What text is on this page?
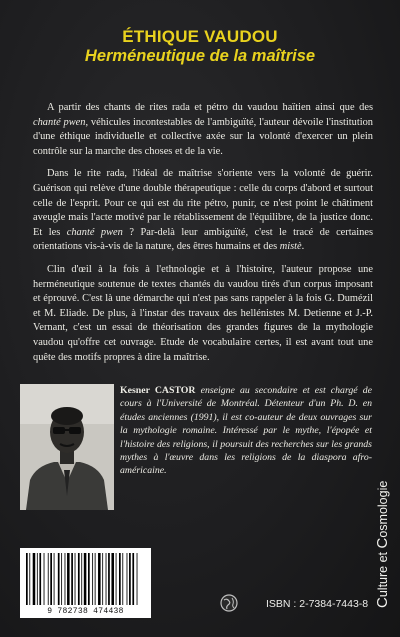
ÉTHIQUE VAUDOU
Herméneutique de la maîtrise

A partir des chants de rites rada et pétro du vaudou haïtien ainsi que des chanté pwen, véhicules incontestables de l'ambiguïté, l'auteur dévoile l'institution d'une éthique individuelle et collective axée sur la volonté d'exercer un plein contrôle sur la marche des choses et de la vie.

Dans le rite rada, l'idéal de maîtrise s'oriente vers la volonté de guérir. Guérison qui relève d'une double thérapeutique : celle du corps d'abord et surtout celle de l'esprit. Pour ce qui est du rite pétro, punir, ce n'est point le châtiment aveugle mais l'acte motivé par le rétablissement de l'équilibre, de la justice donc. Et les chanté pwen ? Par-delà leur ambiguïté, c'est le tracé de certaines orientations vis-à-vis de la nature, des êtres humains et des mistè.

Clin d'œil à la fois à l'ethnologie et à l'histoire, l'auteur propose une herméneutique soutenue de textes chantés du vaudou tirés d'un corpus imposant et éprouvé. C'est là une démarche qui n'est pas sans rappeler à la fois G. Dumézil et M. Eliade. De plus, à l'instar des travaux des hellénistes M. Detienne et J.-P. Vernant, c'est un essai de théorisation des grandes figures de la mythologie vaudou qu'offre cet ouvrage. Etude de vocabulaire certes, il est avant tout une quête des motifs propres à dire la maîtrise.

Kesner CASTOR enseigne au secondaire et est chargé de cours à l'Université de Montréal. Détenteur d'un Ph. D. en études anciennes (1991), il est co-auteur de deux ouvrages sur la mythologie romaine. Intéressé par le mythe, l'épopée et l'histoire des religions, il poursuit des recherches sur les grands mythes à l'œuvre dans les religions de la diaspora afro-américaine.
9 782738 474438
ISBN : 2-7384-7443-8 Culture et Cosmologie
